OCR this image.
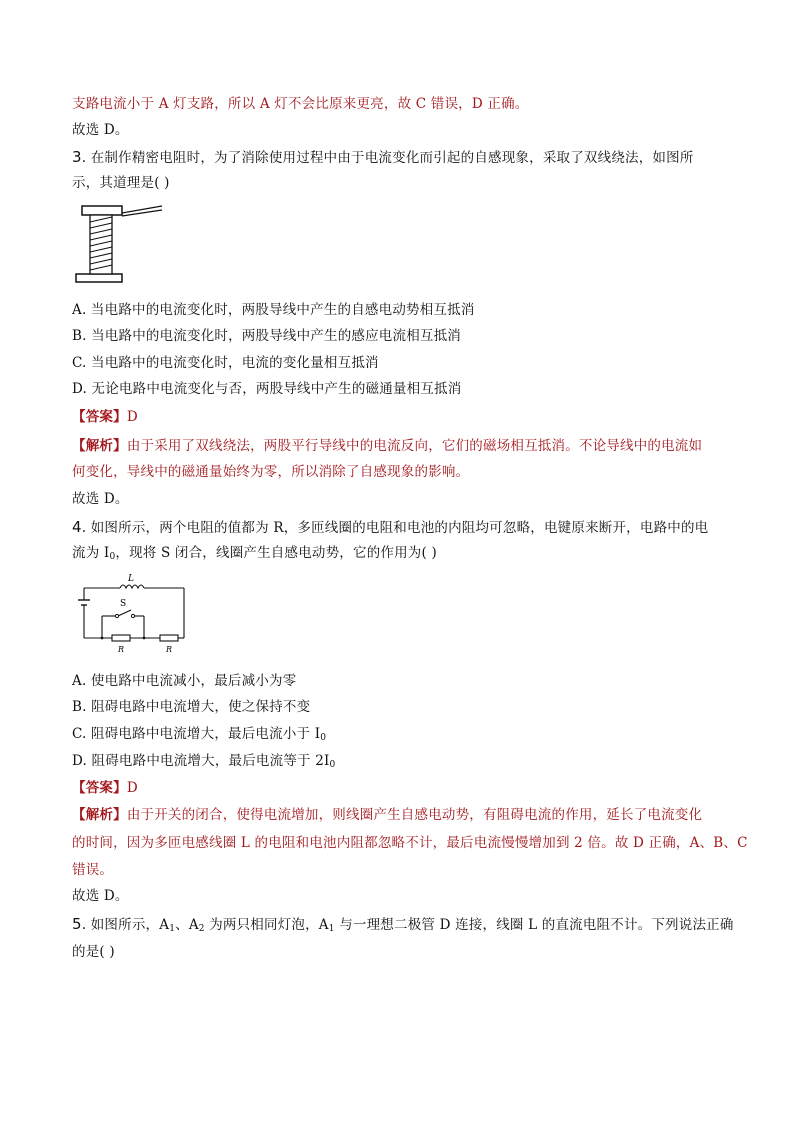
支路电流小于 A 灯支路，所以 A 灯不会比原来更亮，故 C 错误，D 正确。
故选 D。
3. 在制作精密电阻时，为了消除使用过程中由于电流变化而引起的自感现象，采取了双线绕法，如图所
示，其道理是( )
A. 当电路中的电流变化时，两股导线中产生的自感电动势相互抵消
B. 当电路中的电流变化时，两股导线中产生的感应电流相互抵消
C. 当电路中的电流变化时，电流的变化量相互抵消
D. 无论电路中电流变化与否，两股导线中产生的磁通量相互抵消
【答案】D
【解析】由于采用了双线绕法，两股平行导线中的电流反向，它们的磁场相互抵消。不论导线中的电流如
何变化，导线中的磁通量始终为零，所以消除了自感现象的影响。
故选 D。
4. 如图所示，两个电阻的值都为 R，多匝线圈的电阻和电池的内阻均可忽略，电键原来断开，电路中的电
流为 $I_0$，现将 S 闭合，线圈产生自感电动势，它的作用为( )
L
S
R	R
A. 使电路中电流减小，最后减小为零
B. 阻碍电路中电流增大，使之保持不变
C. 阻碍电路中电流增大，最后电流小于 $I_0$
D. 阻碍电路中电流增大，最后电流等于 $2I_0$
【答案】D
【解析】由于开关的闭合，使得电流增加，则线圈产生自感电动势，有阻碍电流的作用，延长了电流变化
的时间，因为多匝电感线圈 L 的电阻和电池内阻都忽略不计，最后电流慢慢增加到 2 倍。故 D 正确，A、B、C
错误。
故选 D。
5. 如图所示，$A_1$、$A_2$ 为两只相同灯泡，$A_1$ 与一理想二极管 D 连接，线圈 L 的直流电阻不计。下列说法正确
的是( )
